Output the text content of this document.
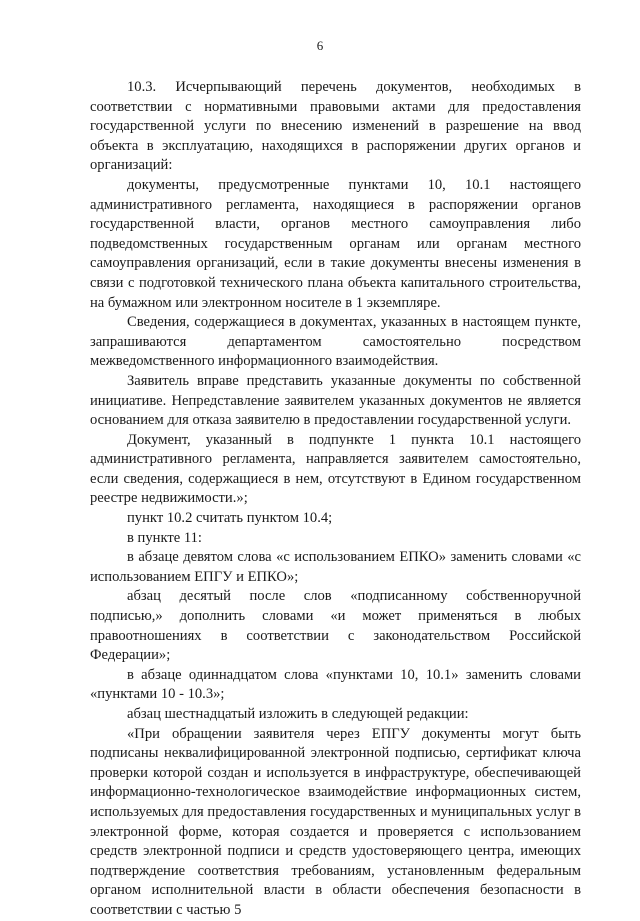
6

10.3. Исчерпывающий перечень документов, необходимых в соответствии с нормативными правовыми актами для предоставления государственной услуги по внесению изменений в разрешение на ввод объекта в эксплуатацию, находящихся в распоряжении других органов и организаций:

документы, предусмотренные пунктами 10, 10.1 настоящего административного регламента, находящиеся в распоряжении органов государственной власти, органов местного самоуправления либо подведомственных государственным органам или органам местного самоуправления организаций, если в такие документы внесены изменения в связи с подготовкой технического плана объекта капитального строительства, на бумажном или электронном носителе в 1 экземпляре.

Сведения, содержащиеся в документах, указанных в настоящем пункте, запрашиваются департаментом самостоятельно посредством межведомственного информационного взаимодействия.

Заявитель вправе представить указанные документы по собственной инициативе. Непредставление заявителем указанных документов не является основанием для отказа заявителю в предоставлении государственной услуги.

Документ, указанный в подпункте 1 пункта 10.1 настоящего административного регламента, направляется заявителем самостоятельно, если сведения, содержащиеся в нем, отсутствуют в Едином государственном реестре недвижимости.»;

пункт 10.2 считать пунктом 10.4;

в пункте 11:

в абзаце девятом слова «с использованием ЕПКО» заменить словами «с использованием ЕПГУ и ЕПКО»;

абзац десятый после слов «подписанному собственноручной подписью,» дополнить словами «и может применяться в любых правоотношениях в соответствии с законодательством Российской Федерации»;

в абзаце одиннадцатом слова «пунктами 10, 10.1» заменить словами «пунктами 10 - 10.3»;

абзац шестнадцатый изложить в следующей редакции:

«При обращении заявителя через ЕПГУ документы могут быть подписаны неквалифицированной электронной подписью, сертификат ключа проверки которой создан и используется в инфраструктуре, обеспечивающей информационно-технологическое взаимодействие информационных систем, используемых для предоставления государственных и муниципальных услуг в электронной форме, которая создается и проверяется с использованием средств электронной подписи и средств удостоверяющего центра, имеющих подтверждение соответствия требованиям, установленным федеральным органом исполнительной власти в области обеспечения безопасности в соответствии с частью 5
